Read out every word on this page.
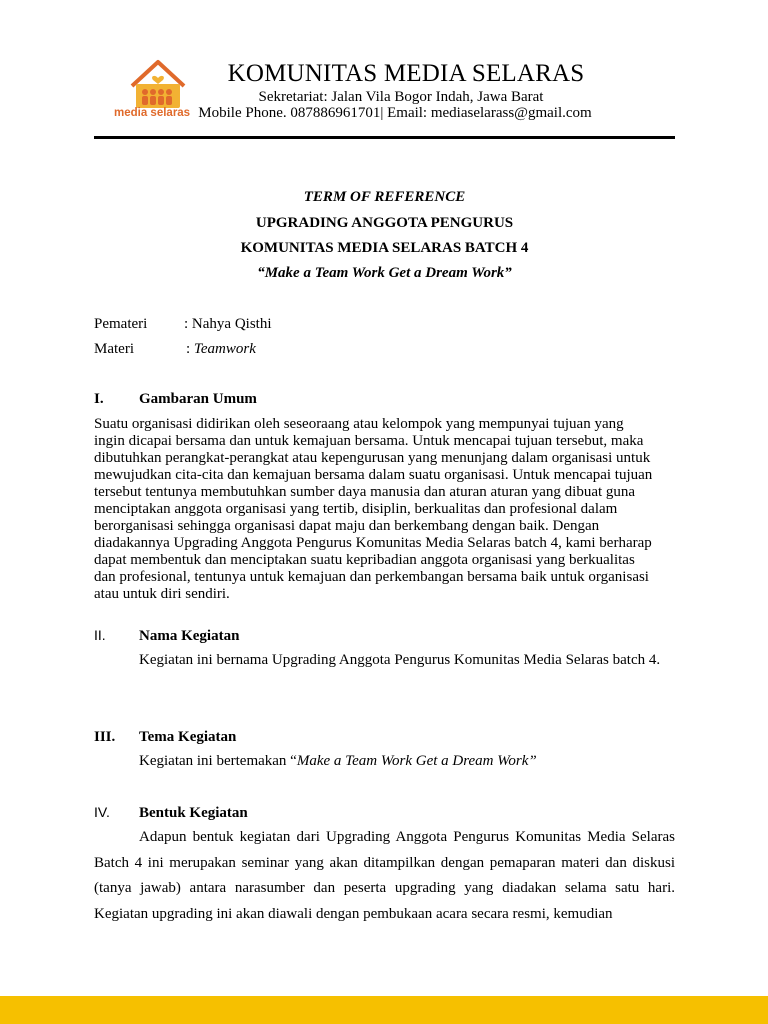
media selaras
KOMUNITAS MEDIA SELARAS
Sekretariat: Jalan Vila Bogor Indah, Jawa Barat
Mobile Phone. 087886961701| Email: mediaselarass@gmail.com
TERM OF REFERENCE
UPGRADING ANGGOTA PENGURUS
KOMUNITAS MEDIA SELARAS BATCH 4
“Make a Team Work Get a Dream Work”
Pemateri : Nahya Qisthi
Materi	: Teamwork
I. Gambaran Umum
Suatu organisasi didirikan oleh seseoraang atau kelompok yang mempunyai tujuan yang
ingin dicapai bersama dan untuk kemajuan bersama. Untuk mencapai tujuan tersebut, maka
dibutuhkan perangkat-perangkat atau kepengurusan yang menunjang dalam organisasi untuk
mewujudkan cita-cita dan kemajuan bersama dalam suatu organisasi. Untuk mencapai tujuan
tersebut tentunya membutuhkan sumber daya manusia dan aturan aturan yang dibuat guna
menciptakan anggota organisasi yang tertib, disiplin, berkualitas dan profesional dalam
berorganisasi sehingga organisasi dapat maju dan berkembang dengan baik. Dengan
diadakannya Upgrading Anggota Pengurus Komunitas Media Selaras batch 4, kami berharap
dapat membentuk dan menciptakan suatu kepribadian anggota organisasi yang berkualitas
dan profesional, tentunya untuk kemajuan dan perkembangan bersama baik untuk organisasi
atau untuk diri sendiri.
II. Nama Kegiatan
Kegiatan ini bernama Upgrading Anggota Pengurus Komunitas Media Selaras batch 4.
III. Tema Kegiatan
Kegiatan ini bertemakan “Make a Team Work Get a Dream Work”
IV. Bentuk Kegiatan
Adapun bentuk kegiatan dari Upgrading Anggota Pengurus Komunitas Media Selaras Batch 4 ini merupakan seminar yang akan ditampilkan dengan pemaparan materi dan diskusi (tanya jawab) antara narasumber dan peserta upgrading yang diadakan selama satu hari. Kegiatan upgrading ini akan diawali dengan pembukaan acara secara resmi, kemudian
